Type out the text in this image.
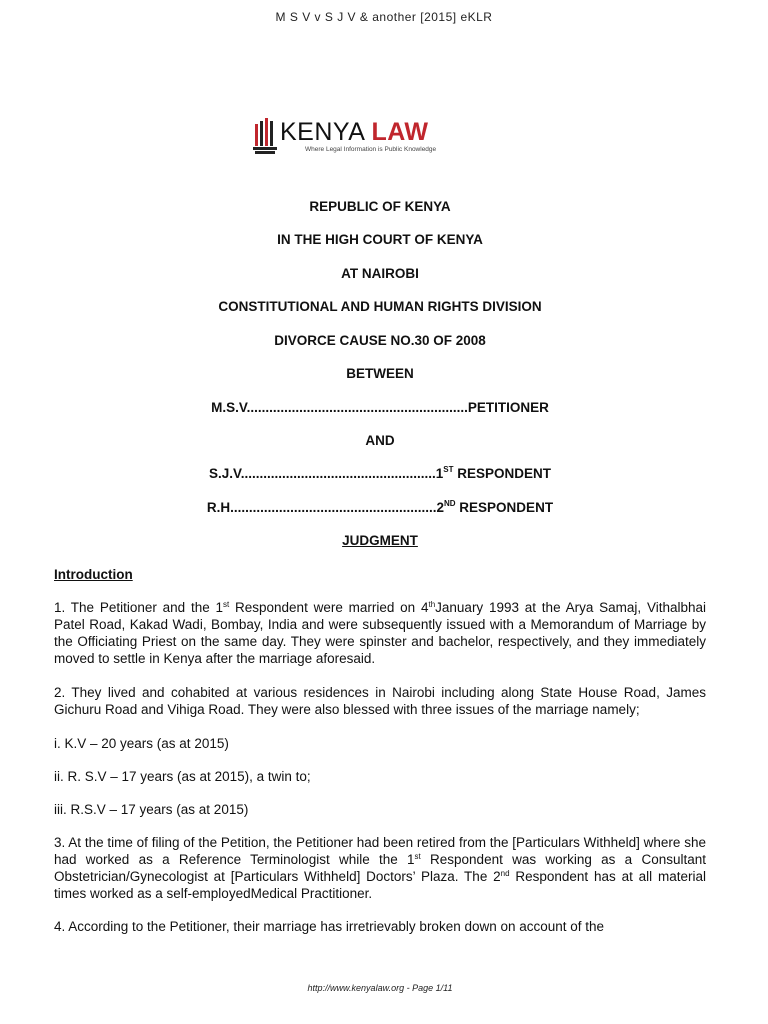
M S V v S J V & another [2015] eKLR
KENYA LAW
Where Legal Information is Public Knowledge
REPUBLIC OF KENYA
IN THE HIGH COURT OF KENYA
AT NAIROBI
CONSTITUTIONAL AND HUMAN RIGHTS DIVISION
DIVORCE CAUSE NO.30 OF 2008
BETWEEN
M.S.V...........................................................PETITIONER
AND
S.J.V....................................................1ST RESPONDENT
R.H.......................................................2ND RESPONDENT
JUDGMENT
Introduction
1. The Petitioner and the 1st Respondent were married on 4thJanuary 1993 at the Arya Samaj, Vithalbhai Patel Road, Kakad Wadi, Bombay, India and were subsequently issued with a Memorandum of Marriage by the Officiating Priest on the same day. They were spinster and bachelor, respectively, and they immediately moved to settle in Kenya after the marriage aforesaid.
2. They lived and cohabited at various residences in Nairobi including along State House Road, James Gichuru Road and Vihiga Road. They were also blessed with three issues of the marriage namely;
i. K.V – 20 years (as at 2015)
ii. R. S.V – 17 years (as at 2015), a twin to;
iii. R.S.V – 17 years (as at 2015)
3. At the time of filing of the Petition, the Petitioner had been retired from the [Particulars Withheld] where she had worked as a Reference Terminologist while the 1st Respondent was working as a Consultant Obstetrician/Gynecologist at [Particulars Withheld] Doctors’ Plaza. The 2nd Respondent has at all material times worked as a self-employedMedical Practitioner.
4. According to the Petitioner, their marriage has irretrievably broken down on account of the
http://www.kenyalaw.org - Page 1/11
